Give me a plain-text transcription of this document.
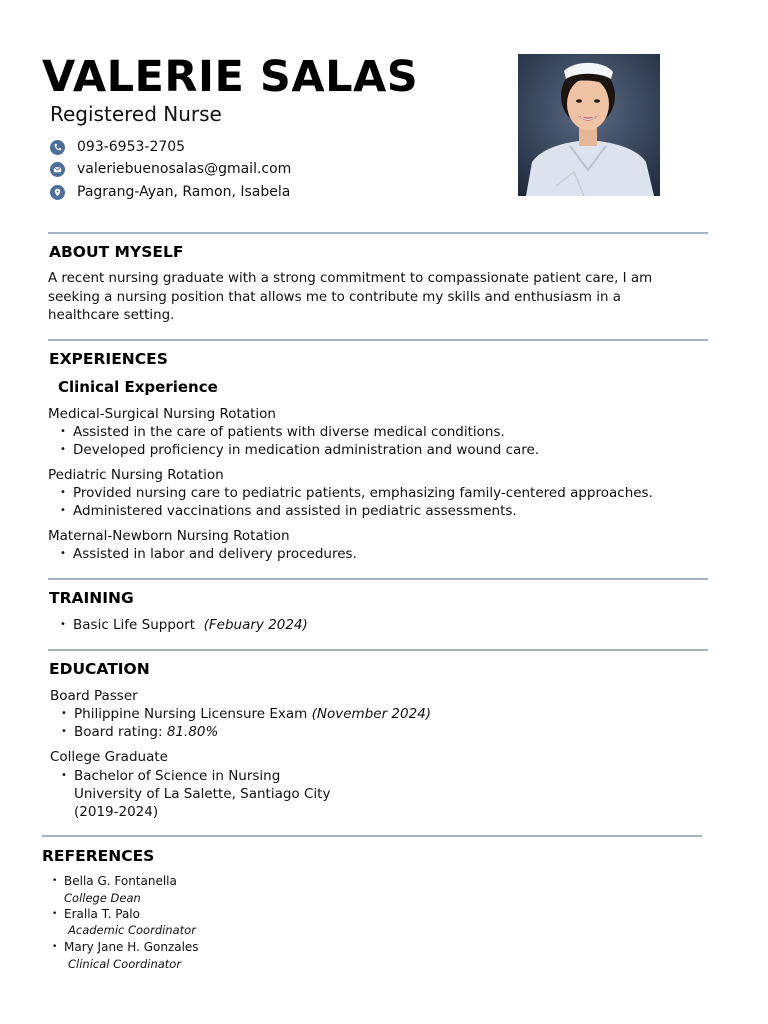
VALERIE SALAS
Registered Nurse
093-6953-2705
valeriebuenosalas@gmail.com
Pagrang-Ayan, Ramon, Isabela
ABOUT MYSELF
A recent nursing graduate with a strong commitment to compassionate patient care, I am seeking a nursing position that allows me to contribute my skills and enthusiasm in a healthcare setting.
EXPERIENCES
Clinical Experience
Medical-Surgical Nursing Rotation
• Assisted in the care of patients with diverse medical conditions.
• Developed proficiency in medication administration and wound care.
Pediatric Nursing Rotation
• Provided nursing care to pediatric patients, emphasizing family-centered approaches.
• Administered vaccinations and assisted in pediatric assessments.
Maternal-Newborn Nursing Rotation
• Assisted in labor and delivery procedures.
TRAINING
• Basic Life Support (Febuary 2024)
EDUCATION
Board Passer
• Philippine Nursing Licensure Exam (November 2024)
• Board rating: 81.80%
College Graduate
• Bachelor of Science in Nursing
University of La Salette, Santiago City
(2019-2024)
REFERENCES
• Bella G. Fontanella
College Dean
• Eralla T. Palo
Academic Coordinator
• Mary Jane H. Gonzales
Clinical Coordinator
